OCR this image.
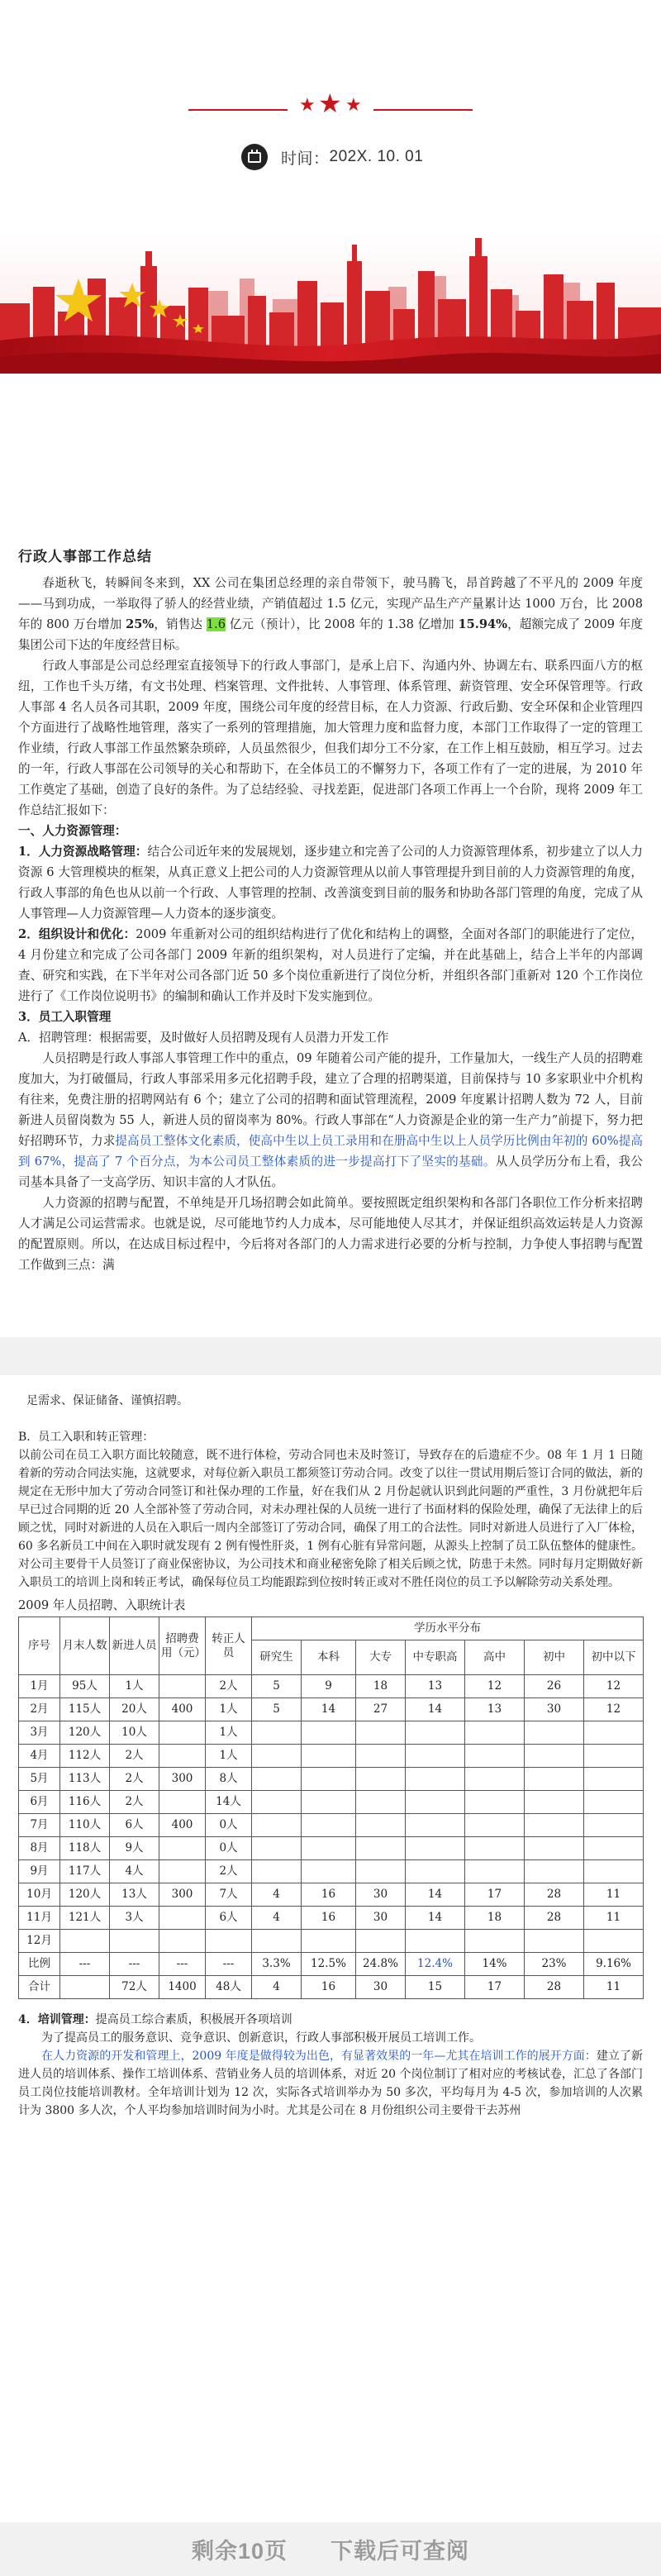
★ ★ ★
时间： 202X. 10. 01

行政人事部工作总结

春逝秋飞，转瞬间冬来到，XX 公司在集团总经理的亲自带领下，驶马腾飞，昂首跨越了不平凡的 2009 年度——马到功成，一举取得了骄人的经营业绩，产销值超过 1.5 亿元，实现产品生产产量累计达 1000 万台，比 2008 年的 800 万台增加 25%，销售达 1.6 亿元（预计），比 2008 年的 1.38 亿增加 15.94%，超额完成了 2009 年度集团公司下达的年度经营目标。

行政人事部是公司总经理室直接领导下的行政人事部门，是承上启下、沟通内外、协调左右、联系四面八方的枢纽，工作也千头万绪，有文书处理、档案管理、文件批转、人事管理、体系管理、薪资管理、安全环保管理等。行政人事部 4 名人员各司其职，2009 年度，围绕公司年度的经营目标，在人力资源、行政后勤、安全环保和企业管理四个方面进行了战略性地管理，落实了一系列的管理措施，加大管理力度和监督力度，本部门工作取得了一定的管理工作业绩，行政人事部工作虽然繁杂琐碎，人员虽然很少，但我们却分工不分家，在工作上相互鼓励，相互学习。过去的一年，行政人事部在公司领导的关心和帮助下，在全体员工的不懈努力下，各项工作有了一定的进展，为 2010 年工作奠定了基础，创造了良好的条件。为了总结经验、寻找差距，促进部门各项工作再上一个台阶，现将 2009 年工作总结汇报如下：

一、人力资源管理：

1．人力资源战略管理：结合公司近年来的发展规划，逐步建立和完善了公司的人力资源管理体系，初步建立了以人力资源 6 大管理模块的框架，从真正意义上把公司的人力资源管理从以前人事管理提升到目前的人力资源管理的角度，行政人事部的角色也从以前一个行政、人事管理的控制、改善演变到目前的服务和协助各部门管理的角度，完成了从人事管理—人力资源管理—人力资本的逐步演变。

2．组织设计和优化：2009 年重新对公司的组织结构进行了优化和结构上的调整，全面对各部门的职能进行了定位，4 月份建立和完成了公司各部门 2009 年新的组织架构，对人员进行了定编，并在此基础上，结合上半年的内部调查、研究和实践，在下半年对公司各部门近 50 多个岗位重新进行了岗位分析，并组织各部门重新对 120 个工作岗位进行了《工作岗位说明书》的编制和确认工作并及时下发实施到位。

3．员工入职管理

A．招聘管理：根据需要，及时做好人员招聘及现有人员潜力开发工作

人员招聘是行政人事部人事管理工作中的重点，09 年随着公司产能的提升，工作量加大，一线生产人员的招聘难度加大，为打破僵局，行政人事部采用多元化招聘手段，建立了合理的招聘渠道，目前保持与 10 多家职业中介机构有往来，免费注册的招聘网站有 6 个；建立了公司的招聘和面试管理流程，2009 年度累计招聘人数为 72 人，目前新进人员留岗数为 55 人，新进人员的留岗率为 80%。行政人事部在“人力资源是企业的第一生产力”前提下，努力把好招聘环节，力求提高员工整体文化素质，使高中生以上员工录用和在册高中生以上人员学历比例由年初的 60%提高到 67%，提高了 7 个百分点，为本公司员工整体素质的进一步提高打下了坚实的基础。从人员学历分布上看，我公司基本具备了一支高学历、知识丰富的人才队伍。

人力资源的招聘与配置，不单纯是开几场招聘会如此简单。要按照既定组织架构和各部门各职位工作分析来招聘人才满足公司运营需求。也就是说，尽可能地节约人力成本，尽可能地使人尽其才，并保证组织高效运转是人力资源的配置原则。所以，在达成目标过程中，今后将对各部门的人力需求进行必要的分析与控制，力争使人事招聘与配置工作做到三点：满

足需求、保证储备、谨慎招聘。

B．员工入职和转正管理：

以前公司在员工入职方面比较随意，既不进行体检，劳动合同也未及时签订，导致存在的后遗症不少。08 年 1 月 1 日随着新的劳动合同法实施，这就要求，对每位新入职员工都须签订劳动合同。改变了以往一贯试用期后签订合同的做法，新的规定在无形中加大了劳动合同签订和社保办理的工作量，好在我们从 2 月份起就认识到此问题的严重性，3 月份就把年后早已过合同期的近 20 人全部补签了劳动合同，对未办理社保的人员统一进行了书面材料的保险处理，确保了无法律上的后顾之忧，同时对新进的人员在入职后一周内全部签订了劳动合同，确保了用工的合法性。同时对新进人员进行了入厂体检，60 多名新员工中间在入职时就发现有 2 例有慢性肝炎，1 例有心脏有异常问题，从源头上控制了员工队伍整体的健康性。对公司主要骨干人员签订了商业保密协议，为公司技术和商业秘密免除了相关后顾之忧，防患于未然。同时每月定期做好新入职员工的培训上岗和转正考试，确保每位员工均能跟踪到位按时转正或对不胜任岗位的员工予以解除劳动关系处理。

2009 年人员招聘、入职统计表

序号	月末人数	新进人员	招聘费用（元）	转正人员	学历水平分布						
					研究生	本科	大专	中专职高	高中	初中	初中以下
1月	95人	1人		2人	5	9	18	13	12	26	12
2月	115人	20人	400	1人	5	14	27	14	13	30	12
3月	120人	10人		1人							
4月	112人	2人		1人							
5月	113人	2人	300	8人							
6月	116人	2人		14人							
7月	110人	6人	400	0人							
8月	118人	9人		0人							
9月	117人	4人		2人							
10月	120人	13人	300	7人	4	16	30	14	17	28	11
11月	121人	3人		6人	4	16	30	14	18	28	11
12月											
比例	---	---	---	---	3.3%	12.5%	24.8%	12.4%	14%	23%	9.16%
合计		72人	1400	48人	4	16	30	15	17	28	11

4．培训管理：提高员工综合素质，积极展开各项培训

为了提高员工的服务意识、竞争意识、创新意识，行政人事部积极开展员工培训工作。

在人力资源的开发和管理上，2009 年度是做得较为出色，有显著效果的一年—尤其在培训工作的展开方面：建立了新进人员的培训体系、操作工培训体系、营销业务人员的培训体系，对近 20 个岗位制订了相对应的考核试卷，汇总了各部门员工岗位技能培训教材。全年培训计划为 12 次，实际各式培训举办为 50 多次，平均每月为 4-5 次，参加培训的人次累计为 3800 多人次，个人平均参加培训时间为小时。尤其是公司在 8 月份组织公司主要骨干去苏州

剩余10页 下载后可查阅
